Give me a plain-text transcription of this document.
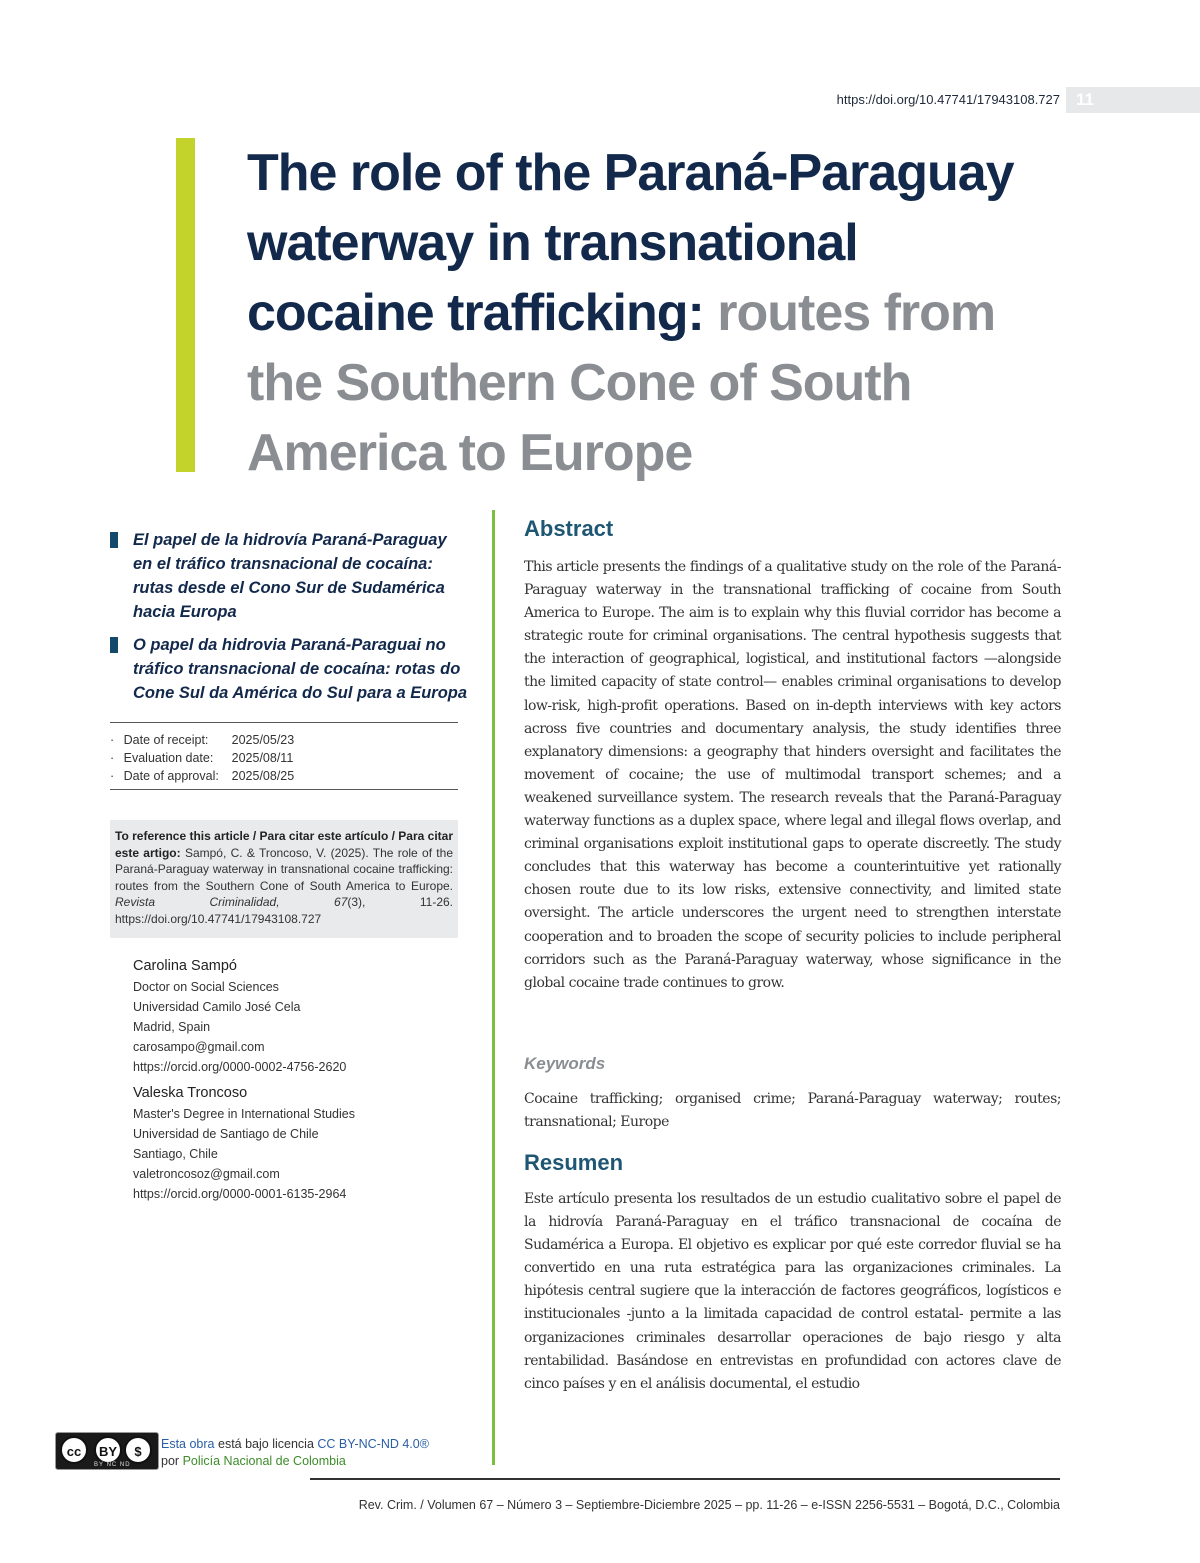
https://doi.org/10.47741/17943108.727 11
The role of the Paraná-Paraguay waterway in transnational cocaine trafficking: routes from the Southern Cone of South America to Europe
El papel de la hidrovía Paraná-Paraguay en el tráfico transnacional de cocaína: rutas desde el Cono Sur de Sudamérica hacia Europa
O papel da hidrovia Paraná-Paraguai no tráfico transnacional de cocaína: rotas do Cone Sul da América do Sul para a Europa
· Date of receipt: 2025/05/23
· Evaluation date: 2025/08/11
· Date of approval: 2025/08/25
To reference this article / Para citar este artículo / Para citar este artigo: Sampó, C. & Troncoso, V. (2025). The role of the Paraná-Paraguay waterway in transnational cocaine trafficking: routes from the Southern Cone of South America to Europe. Revista Criminalidad, 67(3), 11-26. https://doi.org/10.47741/17943108.727
Carolina Sampó
Doctor on Social Sciences
Universidad Camilo José Cela
Madrid, Spain
carosampo@gmail.com
https://orcid.org/0000-0002-4756-2620
Valeska Troncoso
Master's Degree in International Studies
Universidad de Santiago de Chile
Santiago, Chile
valetroncosoz@gmail.com
https://orcid.org/0000-0001-6135-2964
Abstract

This article presents the findings of a qualitative study on the role of the Paraná-Paraguay waterway in the transnational trafficking of cocaine from South America to Europe. The aim is to explain why this fluvial corridor has become a strategic route for criminal organisations. The central hypothesis suggests that the interaction of geographical, logistical, and institutional factors —alongside the limited capacity of state control— enables criminal organisations to develop low-risk, high-profit operations. Based on in-depth interviews with key actors across five countries and documentary analysis, the study identifies three explanatory dimensions: a geography that hinders oversight and facilitates the movement of cocaine; the use of multimodal transport schemes; and a weakened surveillance system. The research reveals that the Paraná-Paraguay waterway functions as a duplex space, where legal and illegal flows overlap, and criminal organisations exploit institutional gaps to operate discreetly. The study concludes that this waterway has become a counterintuitive yet rationally chosen route due to its low risks, extensive connectivity, and limited state oversight. The article underscores the urgent need to strengthen interstate cooperation and to broaden the scope of security policies to include peripheral corridors such as the Paraná-Paraguay waterway, whose significance in the global cocaine trade continues to grow.

Keywords

Cocaine trafficking; organised crime; Paraná-Paraguay waterway; routes; transnational; Europe

Resumen

Este artículo presenta los resultados de un estudio cualitativo sobre el papel de la hidrovía Paraná-Paraguay en el tráfico transnacional de cocaína de Sudamérica a Europa. El objetivo es explicar por qué este corredor fluvial se ha convertido en una ruta estratégica para las organizaciones criminales. La hipótesis central sugiere que la interacción de factores geográficos, logísticos e institucionales -junto a la limitada capacidad de control estatal- permite a las organizaciones criminales desarrollar operaciones de bajo riesgo y alta rentabilidad. Basándose en entrevistas en profundidad con actores clave de cinco países y en el análisis documental, el estudio

cc	BY	$
BY NC ND
Esta obra está bajo licencia CC BY-NC-ND 4.0®
por Policía Nacional de Colombia
Rev. Crim. / Volumen 67 – Número 3 – Septiembre-Diciembre 2025 – pp. 11-26 – e-ISSN 2256-5531 – Bogotá, D.C., Colombia
